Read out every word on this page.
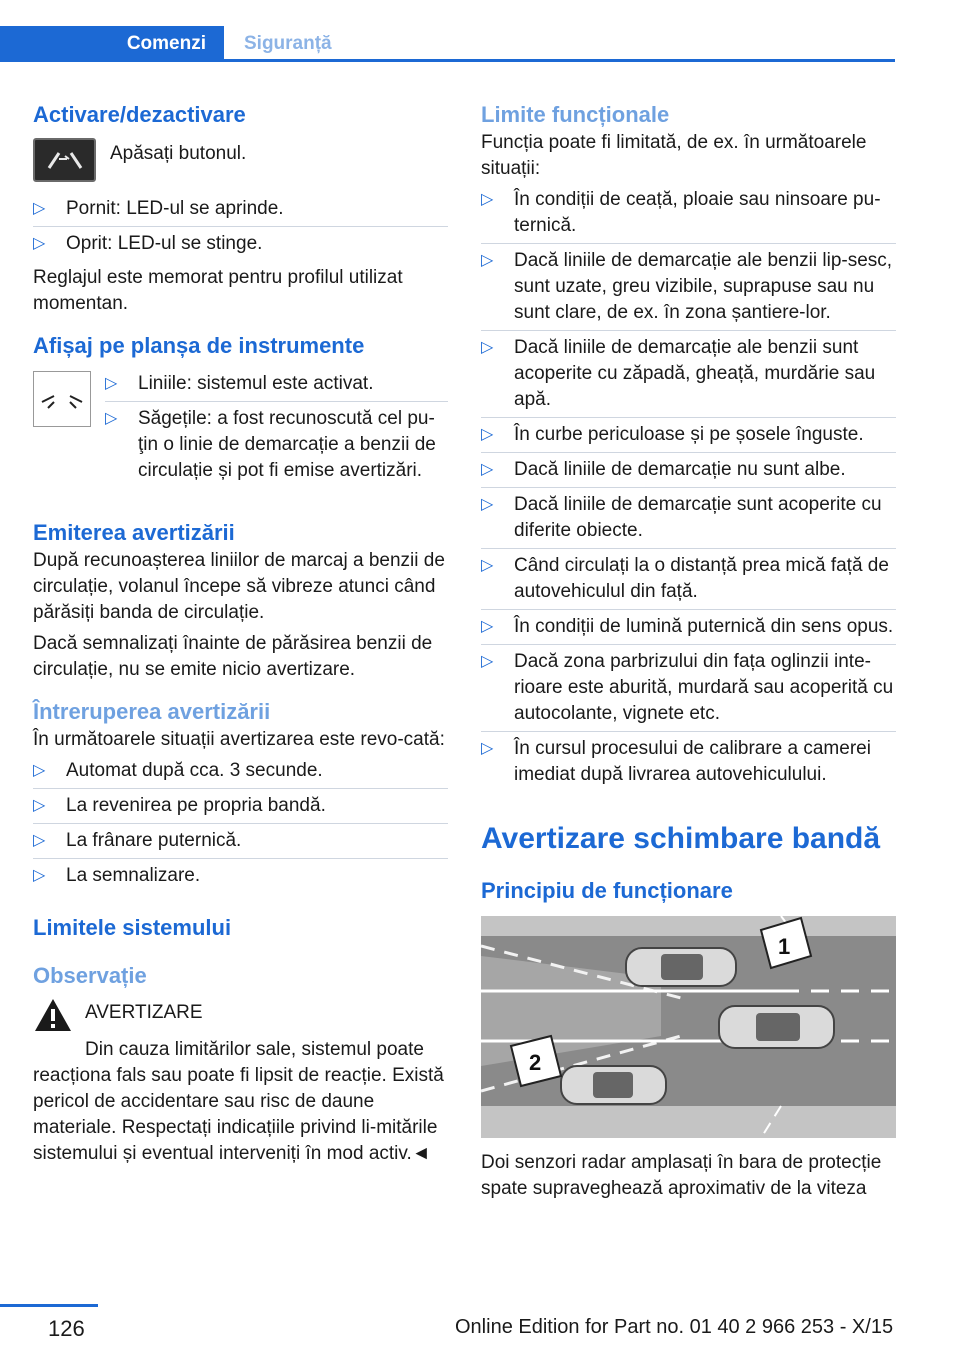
Comenzi Siguranță
Activare/dezactivare

Apăsați butonul.

▷ Pornit: LED-ul se aprinde.
▷ Oprit: LED-ul se stinge.

Reglajul este memorat pentru profilul utilizat momentan.

Afișaj pe planșa de instrumente
▷ Liniile: sistemul este activat.
▷ Săgețile: a fost recunoscută cel pu-ţin o linie de demarcație a benzii de circulație și pot fi emise avertizări.
Emiterea avertizării

După recunoașterea liniilor de marcaj a benzii de circulație, volanul începe să vibreze atunci când părăsiți banda de circulație.

Dacă semnalizați înainte de părăsirea benzii de circulație, nu se emite nicio avertizare.

Întreruperea avertizării

În următoarele situații avertizarea este revo-cată:

▷ Automat după cca. 3 secunde.
▷ La revenirea pe propria bandă.
▷ La frânare puternică.
▷ La semnalizare.
Limitele sistemului
Observație

AVERTIZARE

Din cauza limitărilor sale, sistemul poate reacționa fals sau poate fi lipsit de reacție. Există pericol de accidentare sau risc de daune materiale. Respectați indicațiile privind li-mitările sistemului și eventual interveniți în mod activ.◄

Limite funcționale

Funcția poate fi limitată, de ex. în următoarele situații:

▷ În condiții de ceață, ploaie sau ninsoare pu-ternică.
▷ Dacă liniile de demarcație ale benzii lip-sesc, sunt uzate, greu vizibile, suprapuse sau nu sunt clare, de ex. în zona șantiere-lor.
▷ Dacă liniile de demarcație ale benzii sunt acoperite cu zăpadă, gheață, murdărie sau apă.
▷ În curbe periculoase și pe șosele înguste.
▷ Dacă liniile de demarcație nu sunt albe.
▷ Dacă liniile de demarcație sunt acoperite cu diferite obiecte.
▷ Când circulați la o distanță prea mică față de autovehiculul din față.
▷ În condiții de lumină puternică din sens opus.
▷ Dacă zona parbrizului din fața oglinzii inte-rioare este aburită, murdară sau acoperită cu autocolante, vignete etc.
▷ În cursul procesului de calibrare a camerei imediat după livrarea autovehiculului.
Avertizare schimbare bandă
Principiu de funcționare
1
2

Doi senzori radar amplasați în bara de protecție spate supraveghează aproximativ de la viteza

126	Online Edition for Part no. 01 40 2 966 253 - X/15
